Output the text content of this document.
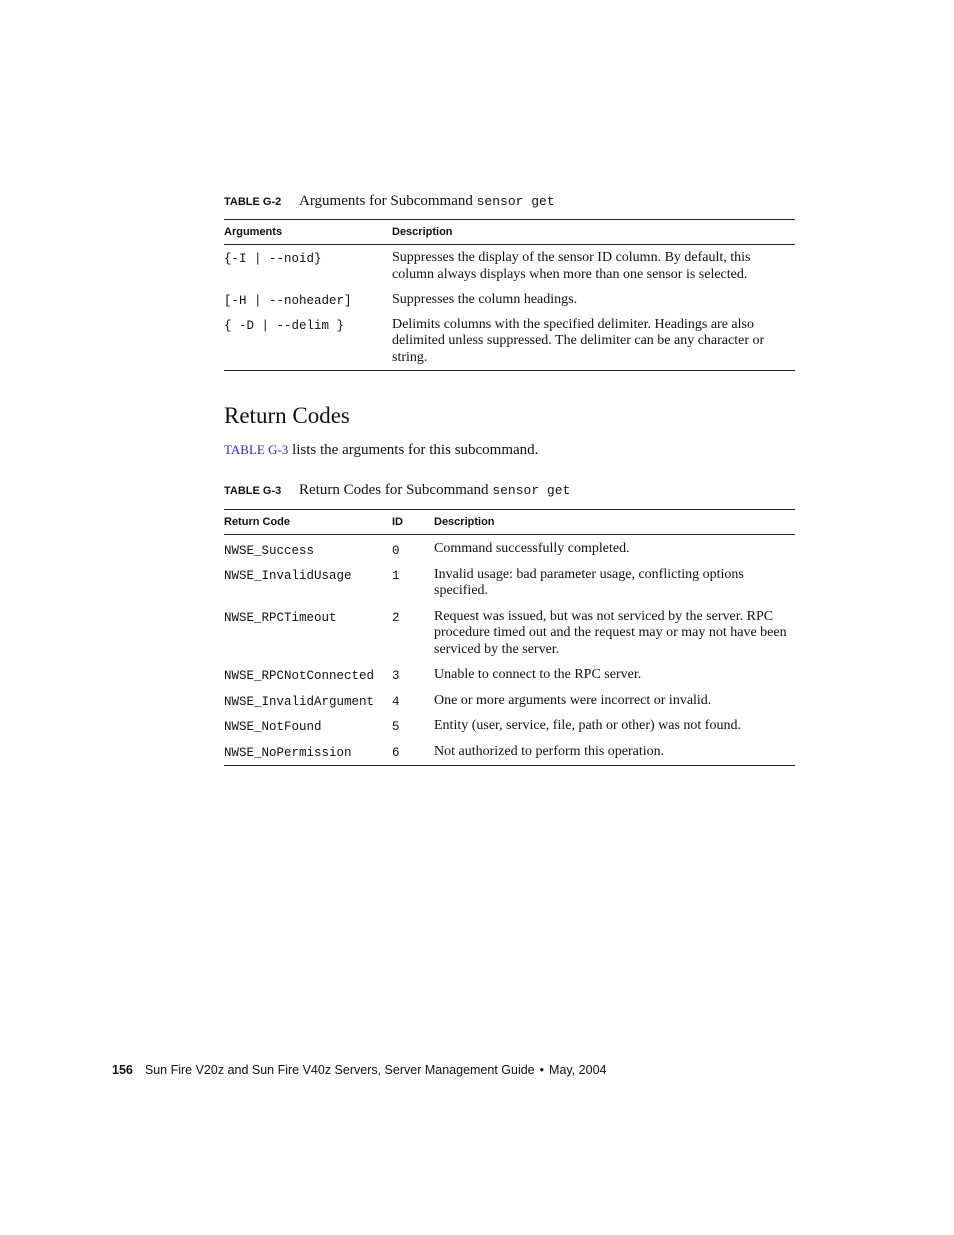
TABLE G-2 Arguments for Subcommand sensor get
Arguments	Description
{-I | --noid}	Suppresses the display of the sensor ID column. By default, this column always displays when more than one sensor is selected.
[-H | --noheader]	Suppresses the column headings.
{ -D | --delim }	Delimits columns with the specified delimiter. Headings are also delimited unless suppressed. The delimiter can be any character or string.
Return Codes
TABLE G-3 lists the arguments for this subcommand.
TABLE G-3 Return Codes for Subcommand sensor get
Return Code	ID	Description
NWSE_Success	0	Command successfully completed.
NWSE_InvalidUsage	1	Invalid usage: bad parameter usage, conflicting options specified.
NWSE_RPCTimeout	2	Request was issued, but was not serviced by the server. RPC procedure timed out and the request may or may not have been serviced by the server.
NWSE_RPCNotConnected	3	Unable to connect to the RPC server.
NWSE_InvalidArgument	4	One or more arguments were incorrect or invalid.
NWSE_NotFound	5	Entity (user, service, file, path or other) was not found.
NWSE_NoPermission	6	Not authorized to perform this operation.
156 Sun Fire V20z and Sun Fire V40z Servers, Server Management Guide • May, 2004
